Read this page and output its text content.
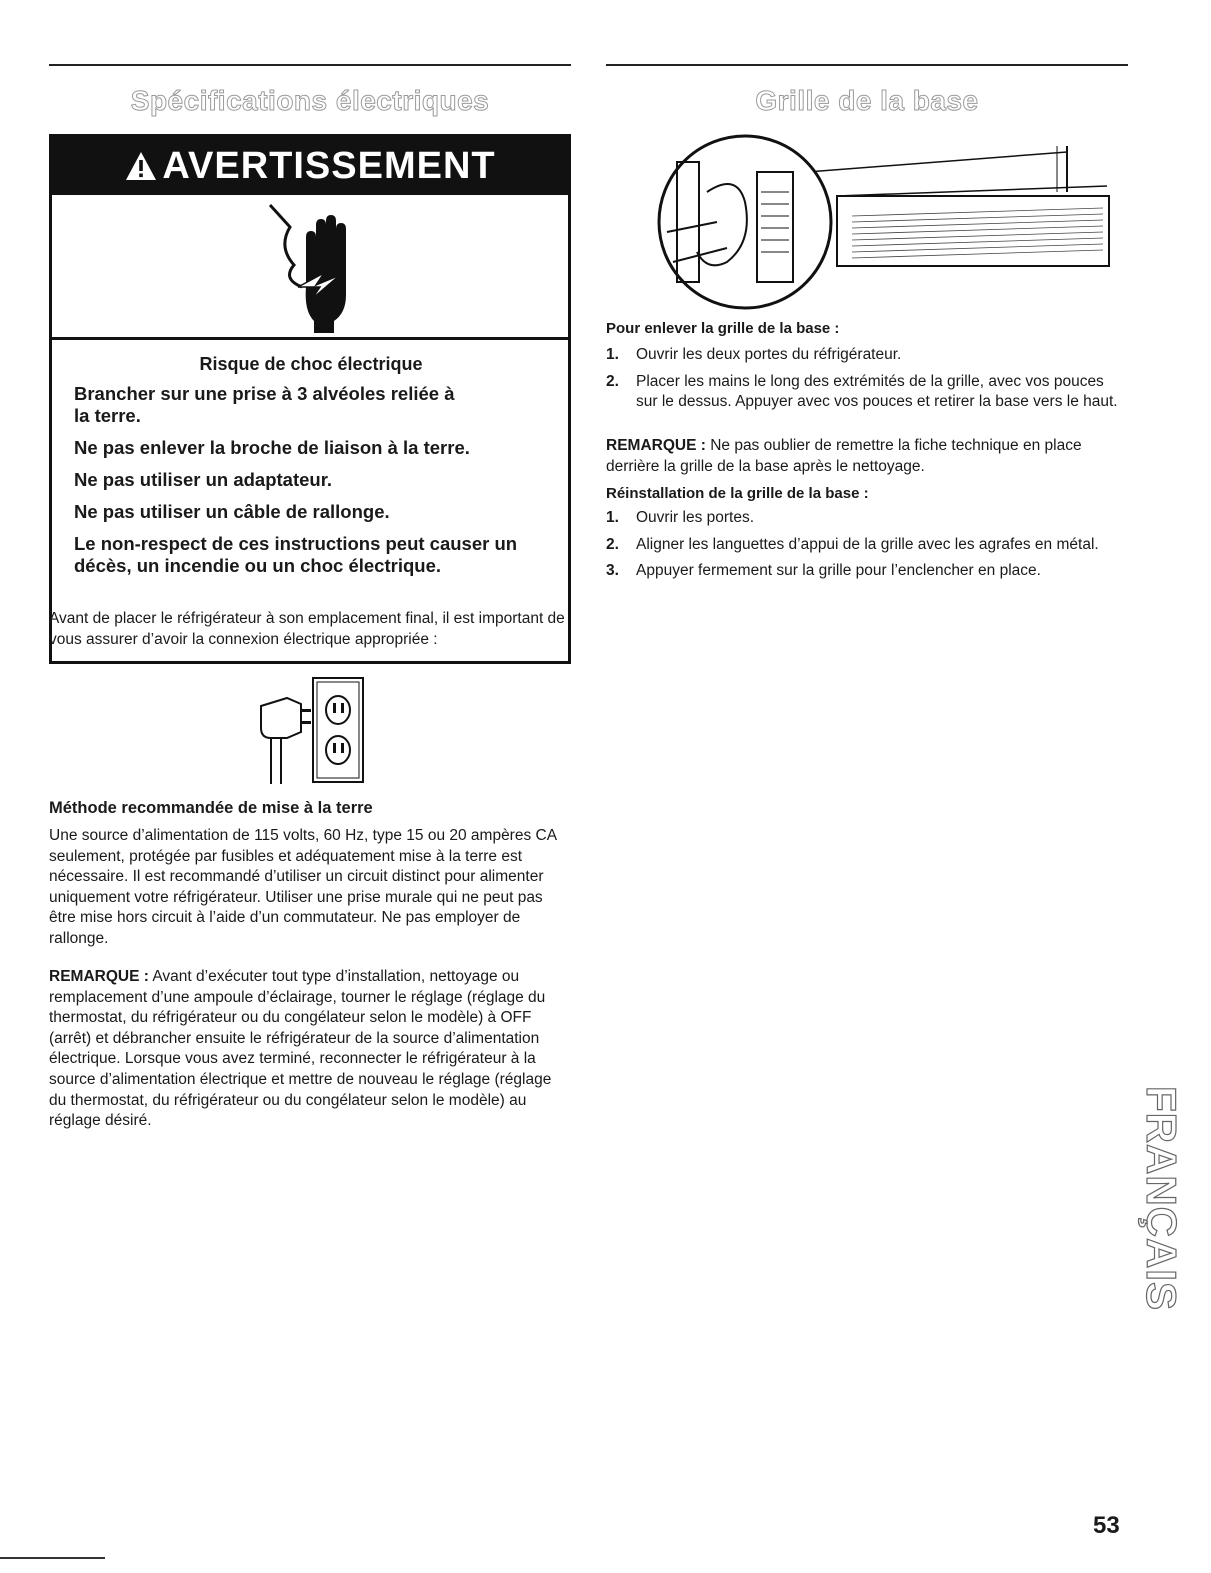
Spécifications électriques
AVERTISSEMENT
Risque de choc électrique
Brancher sur une prise à 3 alvéoles reliée à la terre.
Ne pas enlever la broche de liaison à la terre.
Ne pas utiliser un adaptateur.
Ne pas utiliser un câble de rallonge.
Le non-respect de ces instructions peut causer un décès, un incendie ou un choc électrique.

Avant de placer le réfrigérateur à son emplacement final, il est important de vous assurer d’avoir la connexion électrique appropriée :

Méthode recommandée de mise à la terre

Une source d’alimentation de 115 volts, 60 Hz, type 15 ou 20 ampères CA seulement, protégée par fusibles et adéquatement mise à la terre est nécessaire. Il est recommandé d’utiliser un circuit distinct pour alimenter uniquement votre réfrigérateur. Utiliser une prise murale qui ne peut pas être mise hors circuit à l’aide d’un commutateur. Ne pas employer de rallonge.

REMARQUE : Avant d’exécuter tout type d’installation, nettoyage ou remplacement d’une ampoule d’éclairage, tourner le réglage (réglage du thermostat, du réfrigérateur ou du congélateur selon le modèle) à OFF (arrêt) et débrancher ensuite le réfrigérateur de la source d’alimentation électrique. Lorsque vous avez terminé, reconnecter le réfrigérateur à la source d’alimentation électrique et mettre de nouveau le réglage (réglage du thermostat, du réfrigérateur ou du congélateur selon le modèle) au réglage désiré.

Grille de la base
Pour enlever la grille de la base :
1.	Ouvrir les deux portes du réfrigérateur.
2.	Placer les mains le long des extrémités de la grille, avec vos pouces sur le dessus. Appuyer avec vos pouces et retirer la base vers le haut.

REMARQUE : Ne pas oublier de remettre la fiche technique en place derrière la grille de la base après le nettoyage.

Réinstallation de la grille de la base :
1.	Ouvrir les portes.
2.	Aligner les languettes d’appui de la grille avec les agrafes en métal.
3.	Appuyer fermement sur la grille pour l’enclencher en place.
FRANÇAIS
53
